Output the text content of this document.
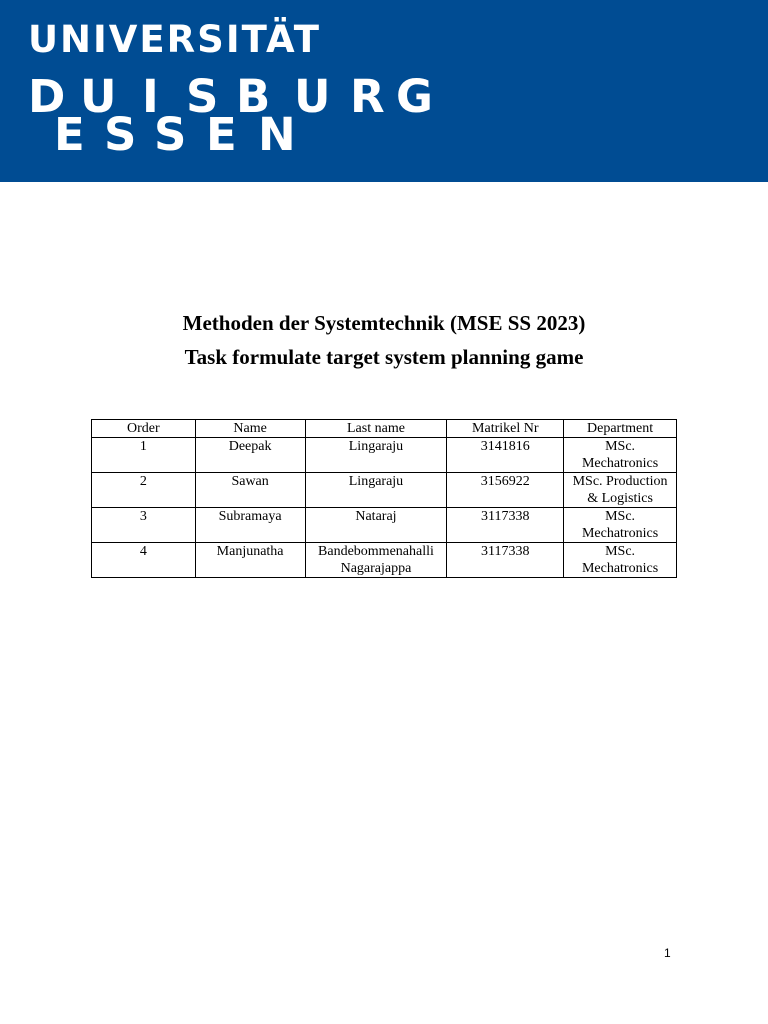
UNIVERSITÄT
D U I S B U R G
E S S E N
Methoden der Systemtechnik (MSE SS 2023)
Task formulate target system planning game
Order	Name	Last name	Matrikel Nr	Department
1	Deepak	Lingaraju	3141816	MSc. Mechatronics
2	Sawan	Lingaraju	3156922	MSc. Production & Logistics
3	Subramaya	Nataraj	3117338	MSc. Mechatronics
4	Manjunatha	Bandebommenahalli Nagarajappa	3117338	MSc. Mechatronics
1
